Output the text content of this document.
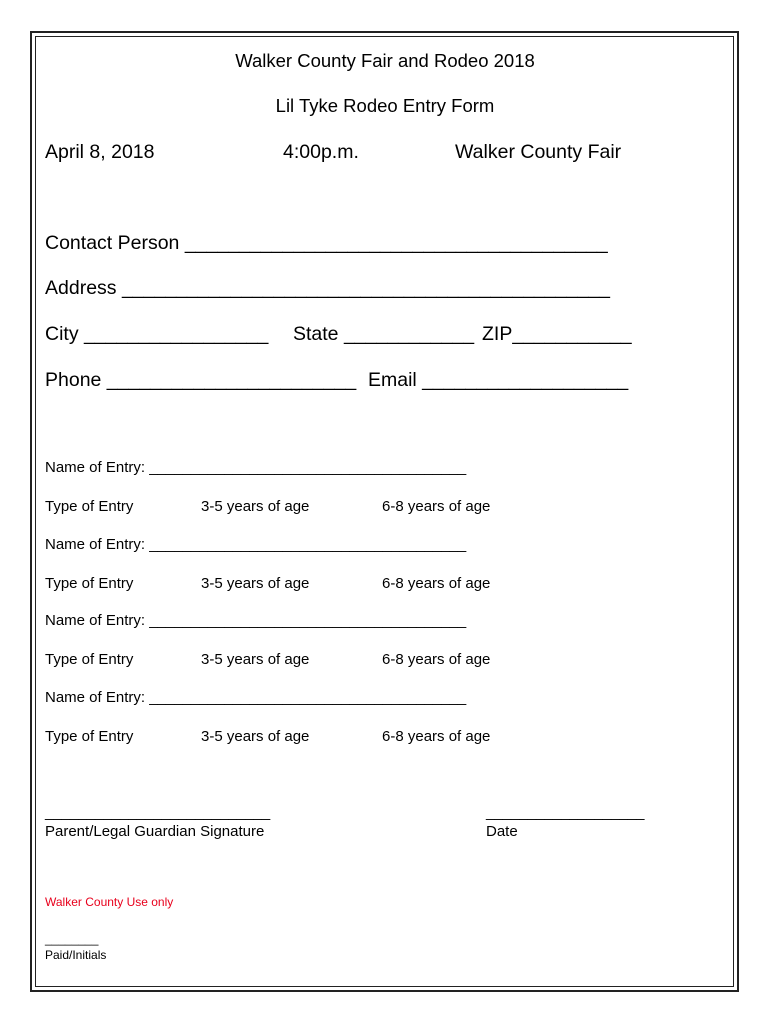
Walker County Fair and Rodeo 2018
Lil Tyke Rodeo Entry Form
April 8, 2018	4:00p.m.	Walker County Fair
Contact Person _______________________________________
Address _____________________________________________
City _________________ State ____________ ZIP___________
Phone _______________________ Email ___________________
Name of Entry: ______________________________________
Type of Entry	3-5 years of age	6-8 years of age
Name of Entry: ______________________________________
Type of Entry	3-5 years of age	6-8 years of age
Name of Entry: ______________________________________
Type of Entry	3-5 years of age	6-8 years of age
Name of Entry: ______________________________________
Type of Entry	3-5 years of age	6-8 years of age
___________________________
Parent/Legal Guardian Signature
___________________
Date
Walker County Use only
________
Paid/Initials
